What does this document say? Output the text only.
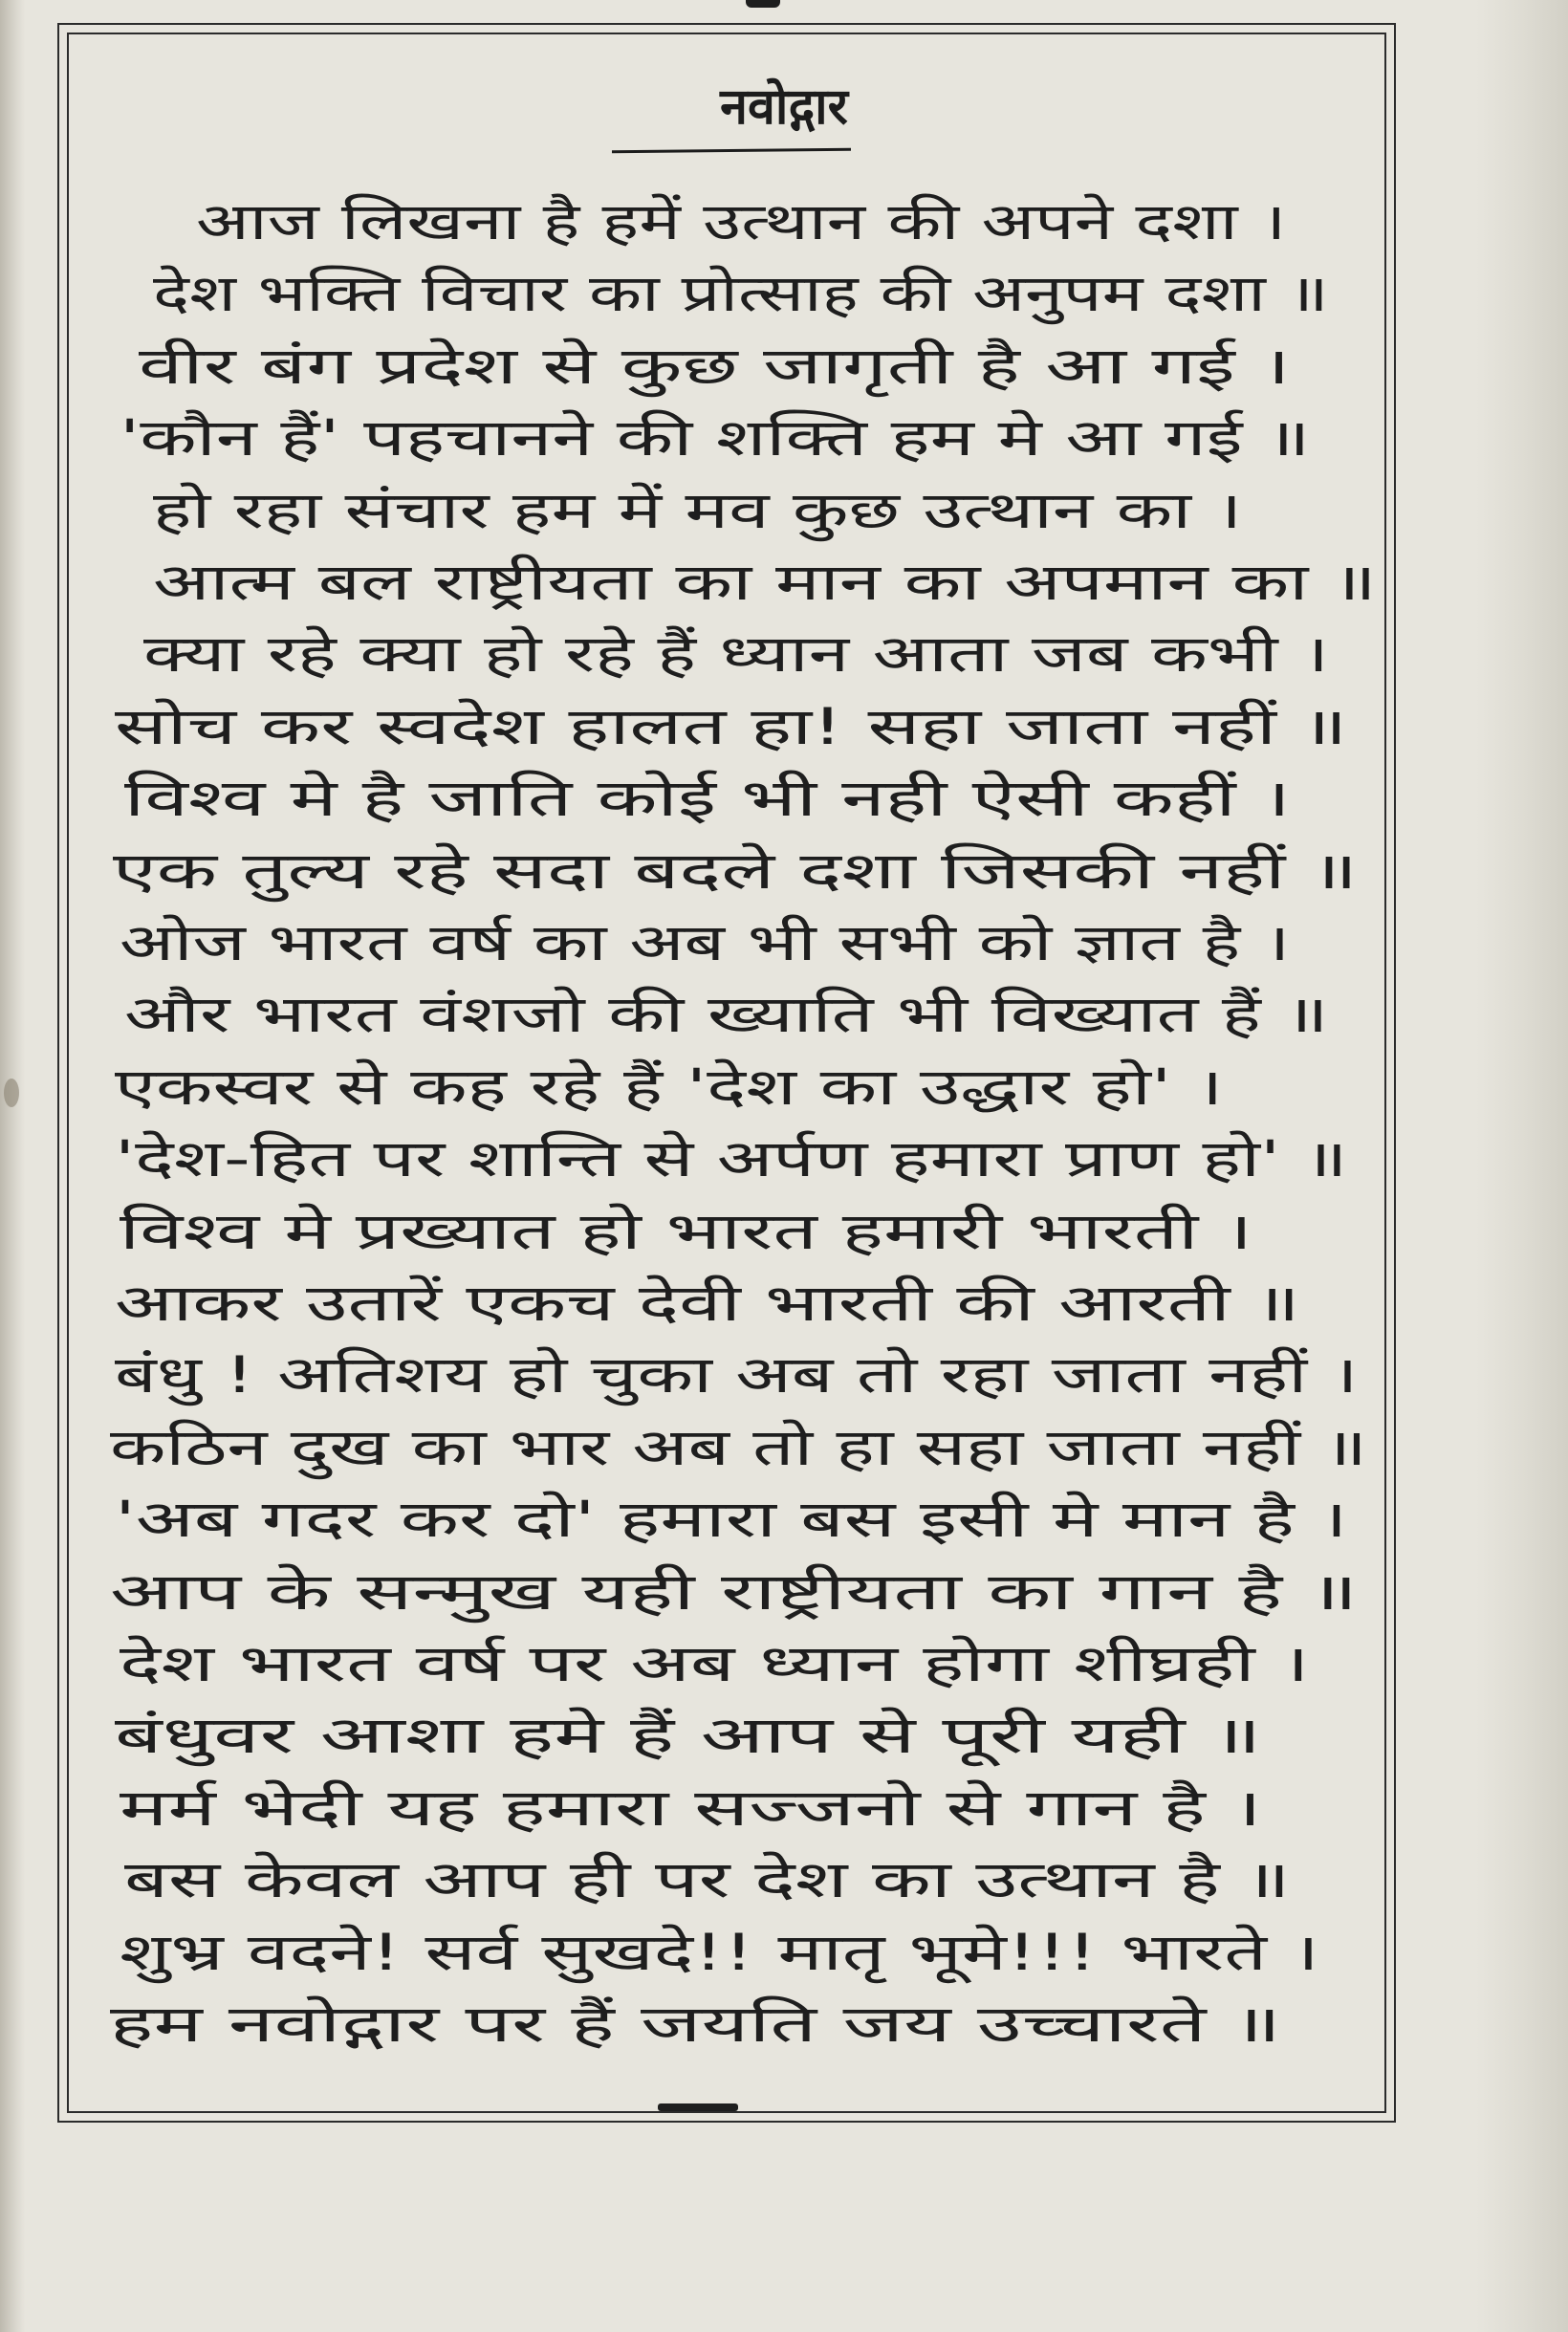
नवोद्गार
आज लिखना है हमें उत्थान की अपने दशा ।
देश भक्ति विचार का प्रोत्साह की अनुपम दशा ॥
वीर बंग प्रदेश से कुछ जागृती है आ गई ।
'कौन हैं' पहचानने की शक्ति हम मे आ गई ॥
हो रहा संचार हम में मव कुछ उत्थान का ।
आत्म बल राष्ट्रीयता का मान का अपमान का ॥
क्या रहे क्या हो रहे हैं ध्यान आता जब कभी ।
सोच कर स्वदेश हालत हा! सहा जाता नहीं ॥
विश्व मे है जाति कोई भी नही ऐसी कहीं ।
एक तुल्य रहे सदा बदले दशा जिसकी नहीं ॥
ओज भारत वर्ष का अब भी सभी को ज्ञात है ।
और भारत वंशजो की ख्याति भी विख्यात हैं ॥
एकस्वर से कह रहे हैं 'देश का उद्धार हो' ।
'देश-हित पर शान्ति से अर्पण हमारा प्राण हो' ॥
विश्व मे प्रख्यात हो भारत हमारी भारती ।
आकर उतारें एकच देवी भारती की आरती ॥
बंधु ! अतिशय हो चुका अब तो रहा जाता नहीं ।
कठिन दुख का भार अब तो हा सहा जाता नहीं ॥
'अब गदर कर दो' हमारा बस इसी मे मान है ।
आप के सन्मुख यही राष्ट्रीयता का गान है ॥
देश भारत वर्ष पर अब ध्यान होगा शीघ्रही ।
बंधुवर आशा हमे हैं आप से पूरी यही ॥
मर्म भेदी यह हमारा सज्जनो से गान है ।
बस केवल आप ही पर देश का उत्थान है ॥
शुभ्र वदने! सर्व सुखदे!! मातृ भूमे!!! भारते ।
हम नवोद्गार पर हैं जयति जय उच्चारते ॥
